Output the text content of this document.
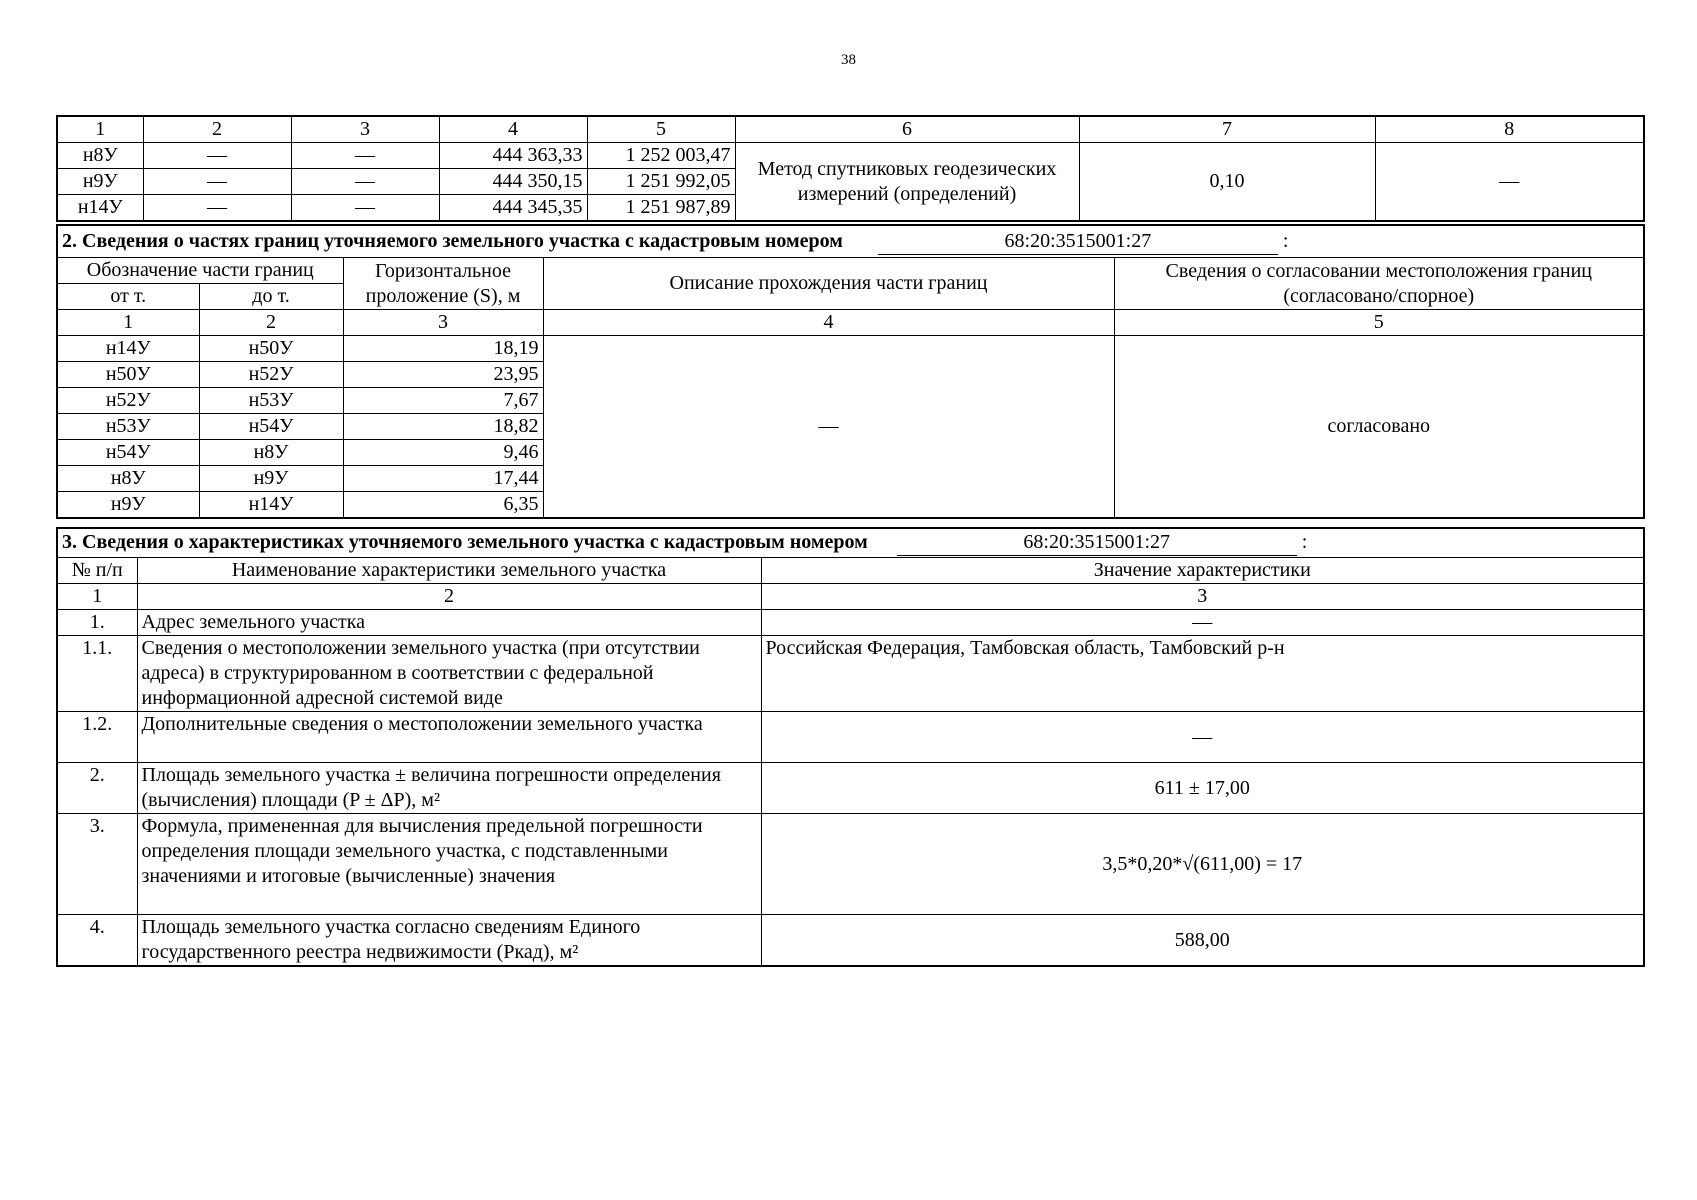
38
1	2	3	4	5	6	7	8
н8У	—	—	444 363,33	1 252 003,47	Метод спутниковых геодезических измерений (определений)	0,10	—
н9У	—	—	444 350,15	1 251 992,05			
н14У	—	—	444 345,35	1 251 987,89			
2. Сведения о частях границ уточняемого земельного участка с кадастровым номером 68:20:3515001:27 :				
Обозначение части границ		Горизонтальное проложение (S), м	Описание прохождения части границ	Сведения о согласовании местоположения границ (согласовано/спорное)
от т.	до т.			
1	2	3	4	5
н14У	н50У	18,19	—	согласовано
н50У	н52У	23,95		
н52У	н53У	7,67		
н53У	н54У	18,82		
н54У	н8У	9,46		
н8У	н9У	17,44		
н9У	н14У	6,35		
3. Сведения о характеристиках уточняемого земельного участка с кадастровым номером 68:20:3515001:27 :		
№ п/п	Наименование характеристики земельного участка	Значение характеристики
1	2	3
1.	Адрес земельного участка	—
1.1.	Сведения о местоположении земельного участка (при отсутствии адреса) в структурированном в соответствии с федеральной информационной адресной системой виде	Российская Федерация, Тамбовская область, Тамбовский р-н
1.2.	Дополнительные сведения о местоположении земельного участка	—
2.	Площадь земельного участка ± величина погрешности определения (вычисления) площади (P ± ΔP), м²	611 ± 17,00
3.	Формула, примененная для вычисления предельной погрешности определения площади земельного участка, с подставленными значениями и итоговые (вычисленные) значения	3,5*0,20*√(611,00) = 17
4.	Площадь земельного участка согласно сведениям Единого государственного реестра недвижимости (Ркад), м²	588,00
